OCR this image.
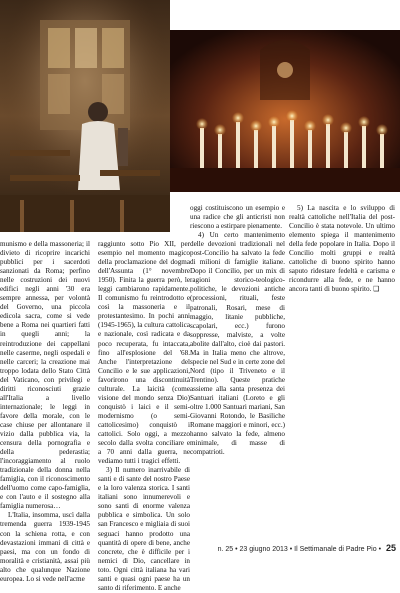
munismo e della massoneria; il divieto di ricoprire incarichi pubblici per i sacerdoti sanzionati da Roma; perfino nelle costruzioni dei nuovi edifici negli anni '30 era sempre annessa, per volontà del Governo, una piccola edicola sacra, come si vede bene a Roma nei quartieri fatti in quegli anni; la reintroduzione dei cappellani nelle caserme, negli ospedali e nelle carceri; la creazione mai troppo lodata dello Stato Città del Vaticano, con privilegi e diritti riconosciuti grazie all'Italia a livello internazionale; le leggi in favore della morale, con le case chiuse per allontanare il vizio dalla pubblica via, la censura della pornografia e della pederastia; l'incoraggiamento al ruolo tradizionale della donna nella famiglia, con il riconoscimento dell'uomo come capo-famiglia, e con l'auto e il sostegno alla famiglia numerosa…

L'Italia, insomma, uscì dalla tremenda guerra 1939-1945 con la schiena rotta, e con devastazioni immani di città e paesi, ma con un fondo di moralità e cristianità, assai più alto che qualunque Nazione europea. Lo si vede nell'acme

raggiunto sotto Pio XII, per esempio nel momento magico della proclamazione del dogma dell'Assunta (1° novembre 1950). Finita la guerra però, le leggi cambiarono rapidamente. Il comunismo fu reintrodotto e così la massoneria e il protestantesimo. In pochi anni (1945-1965), la cultura cattolica e nazionale, così radicata e da poco recuperata, fu intaccata, fino all'esplosione del '68. Anche l'interpretazione del Concilio e le sue applicazioni, favorirono una discontinuità culturale. La laicità (come visione del mondo senza Dio) conquistò i laici e il semi-modernismo (o semi-cattolicesimo) conquistò i cattolici. Solo oggi, a mezzo secolo dalla svolta conciliare e a 70 anni dalla guerra, ne vediamo tutti i tragici effetti.

3) Il numero inarrivabile di santi e di sante del nostro Paese e la loro valenza storica. I santi italiani sono innumerevoli e sono santi di enorme valenza pubblica e simbolica. Un solo san Francesco e migliaia di suoi seguaci hanno prodotto una quantità di opere di bene, anche concrete, che è difficile per i nemici di Dio, cancellare in toto. Ogni città italiana ha vari santi e quasi ogni paese ha un santo di riferimento. E anche

oggi costituiscono un esempio e una radice che gli anticristi non riescono a estirpare pienamente.

4) Un certo mantenimento delle devozioni tradizionali nel post-Concilio ha salvato la fede di milioni di famiglie italiane. Dopo il Concilio, per un mix di ragioni storico-teologico-politiche, le devozioni antiche (processioni, rituali, feste patronali, Rosari, mese di maggio, litanie pubbliche, scapolari, ecc.) furono soppresse, malviste, a volte abolite dall'alto, cioè dai pastori. Ma in Italia meno che altrove, specie nel Sud e in certe zone del Nord (tipo il Triveneto e il Trentino). Queste pratiche assieme alla santa presenza dei Santuari italiani (Loreto e gli oltre 1.000 Santuari mariani, San Giovanni Rotondo, le Basiliche Romane maggiori e minori, ecc.) hanno salvato la fede, almeno minimale, di masse di compatrioti.

5) La nascita e lo sviluppo di realtà cattoliche nell'Italia del post-Concilio è stata notevole. Un ultimo elemento spiega il mantenimento della fede popolare in Italia. Dopo il Concilio molti gruppi e realtà cattoliche di buono spirito hanno saputo ridestare fedeltà e carisma e ricondurre alla fede, e ne hanno ancora tanti di buono spirito. ❑

n. 25 • 23 giugno 2013 • Il Settimanale di Padre Pio • 25
